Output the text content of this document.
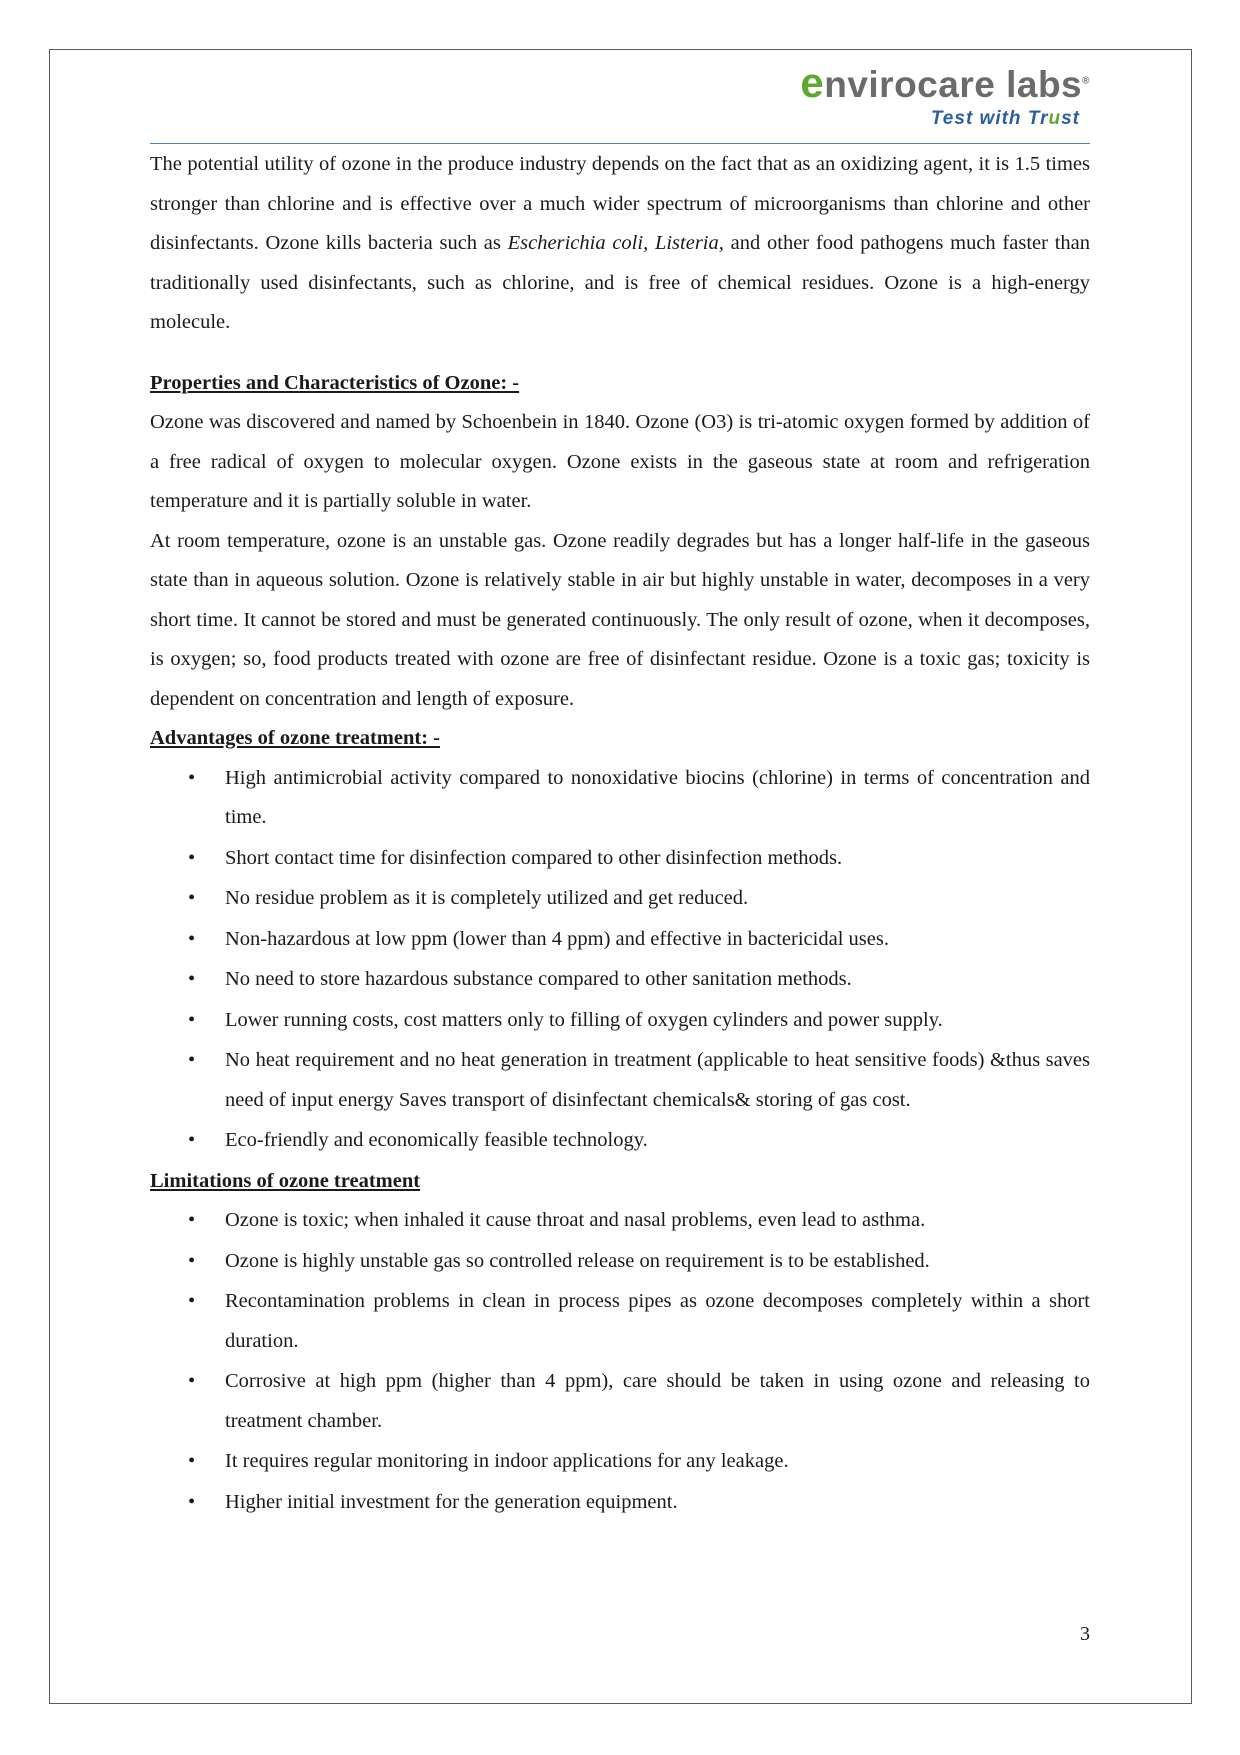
envirocare labs®
Test with Trust

The potential utility of ozone in the produce industry depends on the fact that as an oxidizing agent, it is 1.5 times stronger than chlorine and is effective over a much wider spectrum of microorganisms than chlorine and other disinfectants. Ozone kills bacteria such as Escherichia coli, Listeria, and other food pathogens much faster than traditionally used disinfectants, such as chlorine, and is free of chemical residues. Ozone is a high-energy molecule.

Properties and Characteristics of Ozone: -

Ozone was discovered and named by Schoenbein in 1840. Ozone (O3) is tri-atomic oxygen formed by addition of a free radical of oxygen to molecular oxygen. Ozone exists in the gaseous state at room and refrigeration temperature and it is partially soluble in water.

At room temperature, ozone is an unstable gas. Ozone readily degrades but has a longer half-life in the gaseous state than in aqueous solution. Ozone is relatively stable in air but highly unstable in water, decomposes in a very short time. It cannot be stored and must be generated continuously. The only result of ozone, when it decomposes, is oxygen; so, food products treated with ozone are free of disinfectant residue. Ozone is a toxic gas; toxicity is dependent on concentration and length of exposure.

Advantages of ozone treatment: -
• High antimicrobial activity compared to nonoxidative biocins (chlorine) in terms of concentration and time.
• Short contact time for disinfection compared to other disinfection methods.
• No residue problem as it is completely utilized and get reduced.
• Non-hazardous at low ppm (lower than 4 ppm) and effective in bactericidal uses.
• No need to store hazardous substance compared to other sanitation methods.
• Lower running costs, cost matters only to filling of oxygen cylinders and power supply.
• No heat requirement and no heat generation in treatment (applicable to heat sensitive foods) &thus saves need of input energy Saves transport of disinfectant chemicals& storing of gas cost.
• Eco-friendly and economically feasible technology.
Limitations of ozone treatment
• Ozone is toxic; when inhaled it cause throat and nasal problems, even lead to asthma.
• Ozone is highly unstable gas so controlled release on requirement is to be established.
• Recontamination problems in clean in process pipes as ozone decomposes completely within a short duration.
• Corrosive at high ppm (higher than 4 ppm), care should be taken in using ozone and releasing to treatment chamber.
• It requires regular monitoring in indoor applications for any leakage.
• Higher initial investment for the generation equipment.
3
